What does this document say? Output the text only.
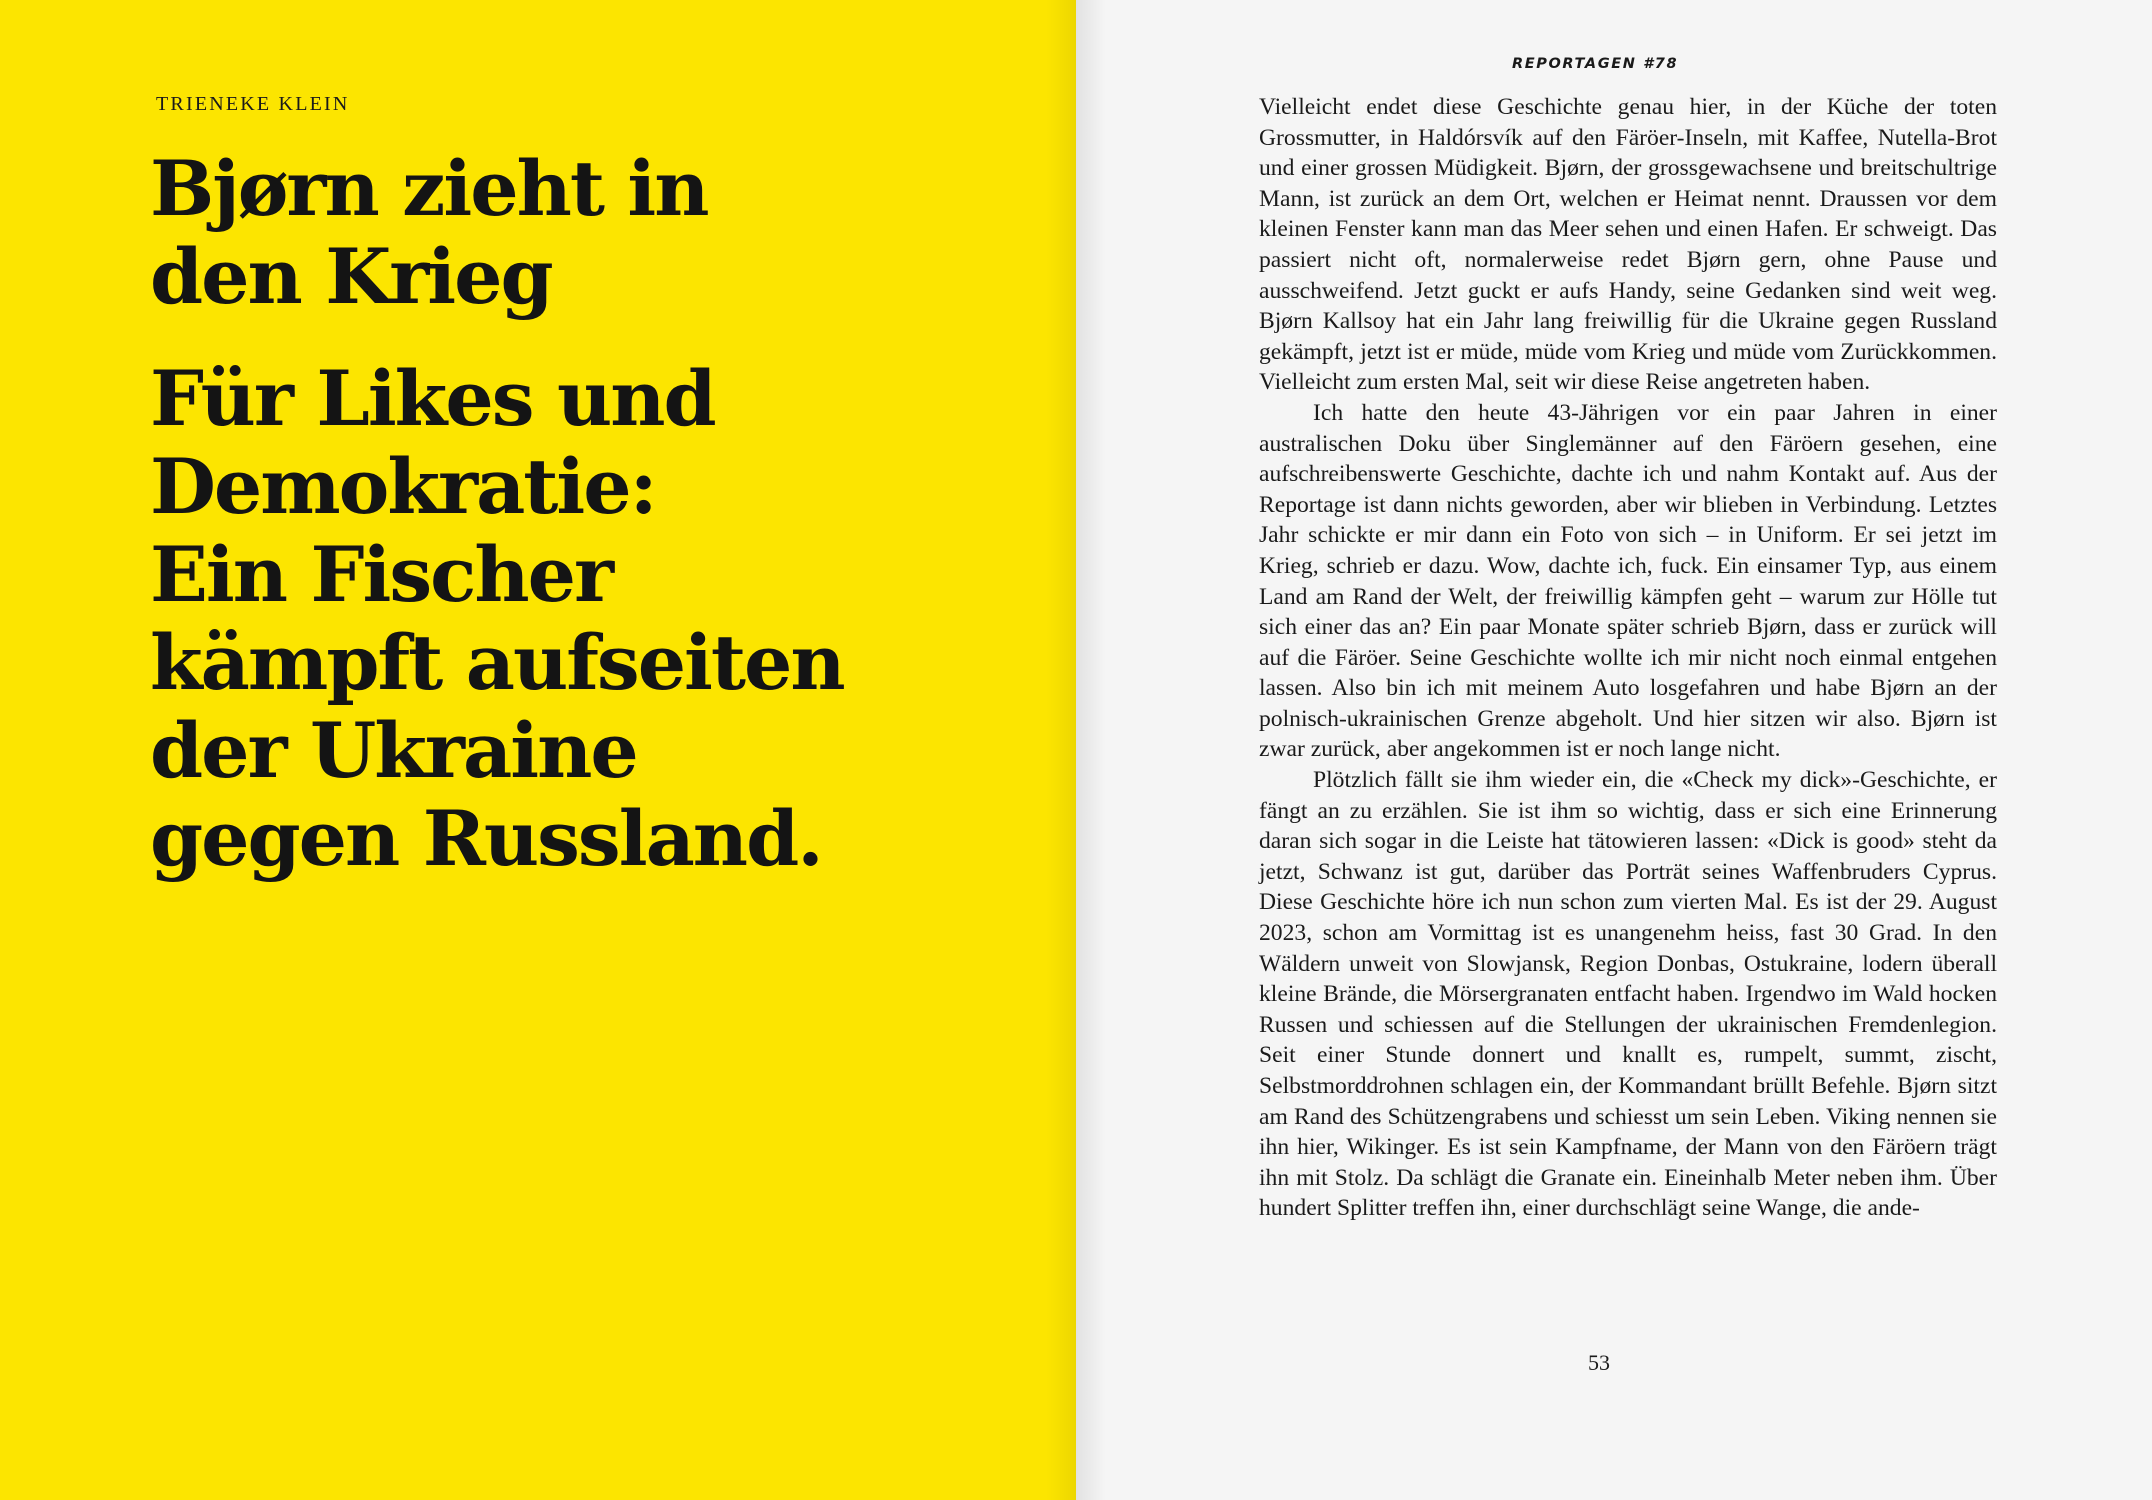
TRIENEKE KLEIN
Bjørn zieht in
den Krieg
Für Likes und
Demokratie:
Ein Fischer
kämpft aufseiten
der Ukraine
gegen Russland.
REPORTAGEN #78

Vielleicht endet diese Geschichte genau hier, in der Küche der toten Grossmutter, in Haldórsvík auf den Färöer-Inseln, mit Kaffee, Nutella-Brot und einer grossen Müdigkeit. Bjørn, der grossgewachsene und breitschultrige Mann, ist zurück an dem Ort, welchen er Heimat nennt. Draussen vor dem kleinen Fenster kann man das Meer sehen und einen Hafen. Er schweigt. Das passiert nicht oft, normalerweise redet Bjørn gern, ohne Pause und ausschweifend. Jetzt guckt er aufs Handy, seine Gedanken sind weit weg. Bjørn Kallsoy hat ein Jahr lang freiwillig für die Ukraine gegen Russland gekämpft, jetzt ist er müde, müde vom Krieg und müde vom Zurückkommen. Vielleicht zum ersten Mal, seit wir diese Reise angetreten haben.

Ich hatte den heute 43-Jährigen vor ein paar Jahren in einer australischen Doku über Singlemänner auf den Färöern gesehen, eine aufschreibenswerte Geschichte, dachte ich und nahm Kontakt auf. Aus der Reportage ist dann nichts geworden, aber wir blieben in Verbindung. Letztes Jahr schickte er mir dann ein Foto von sich – in Uniform. Er sei jetzt im Krieg, schrieb er dazu. Wow, dachte ich, fuck. Ein einsamer Typ, aus einem Land am Rand der Welt, der freiwillig kämpfen geht – warum zur Hölle tut sich einer das an? Ein paar Monate später schrieb Bjørn, dass er zurück will auf die Färöer. Seine Geschichte wollte ich mir nicht noch einmal entgehen lassen. Also bin ich mit meinem Auto losgefahren und habe Bjørn an der polnisch-ukrainischen Grenze abgeholt. Und hier sitzen wir also. Bjørn ist zwar zurück, aber angekommen ist er noch lange nicht.

Plötzlich fällt sie ihm wieder ein, die «Check my dick»-Geschichte, er fängt an zu erzählen. Sie ist ihm so wichtig, dass er sich eine Erinnerung daran sich sogar in die Leiste hat tätowieren lassen: «Dick is good» steht da jetzt, Schwanz ist gut, darüber das Porträt seines Waffenbruders Cyprus. Diese Geschichte höre ich nun schon zum vierten Mal. Es ist der 29. August 2023, schon am Vormittag ist es unangenehm heiss, fast 30 Grad. In den Wäldern unweit von Slowjansk, Region Donbas, Ostukraine, lodern überall kleine Brände, die Mörsergranaten entfacht haben. Irgendwo im Wald hocken Russen und schiessen auf die Stellungen der ukrainischen Fremdenlegion. Seit einer Stunde donnert und knallt es, rumpelt, summt, zischt, Selbstmorddrohnen schlagen ein, der Kommandant brüllt Befehle. Bjørn sitzt am Rand des Schützengrabens und schiesst um sein Leben. Viking nennen sie ihn hier, Wikinger. Es ist sein Kampfname, der Mann von den Färöern trägt ihn mit Stolz. Da schlägt die Granate ein. Eineinhalb Meter neben ihm. Über hundert Splitter treffen ihn, einer durchschlägt seine Wange, die ande-

53
